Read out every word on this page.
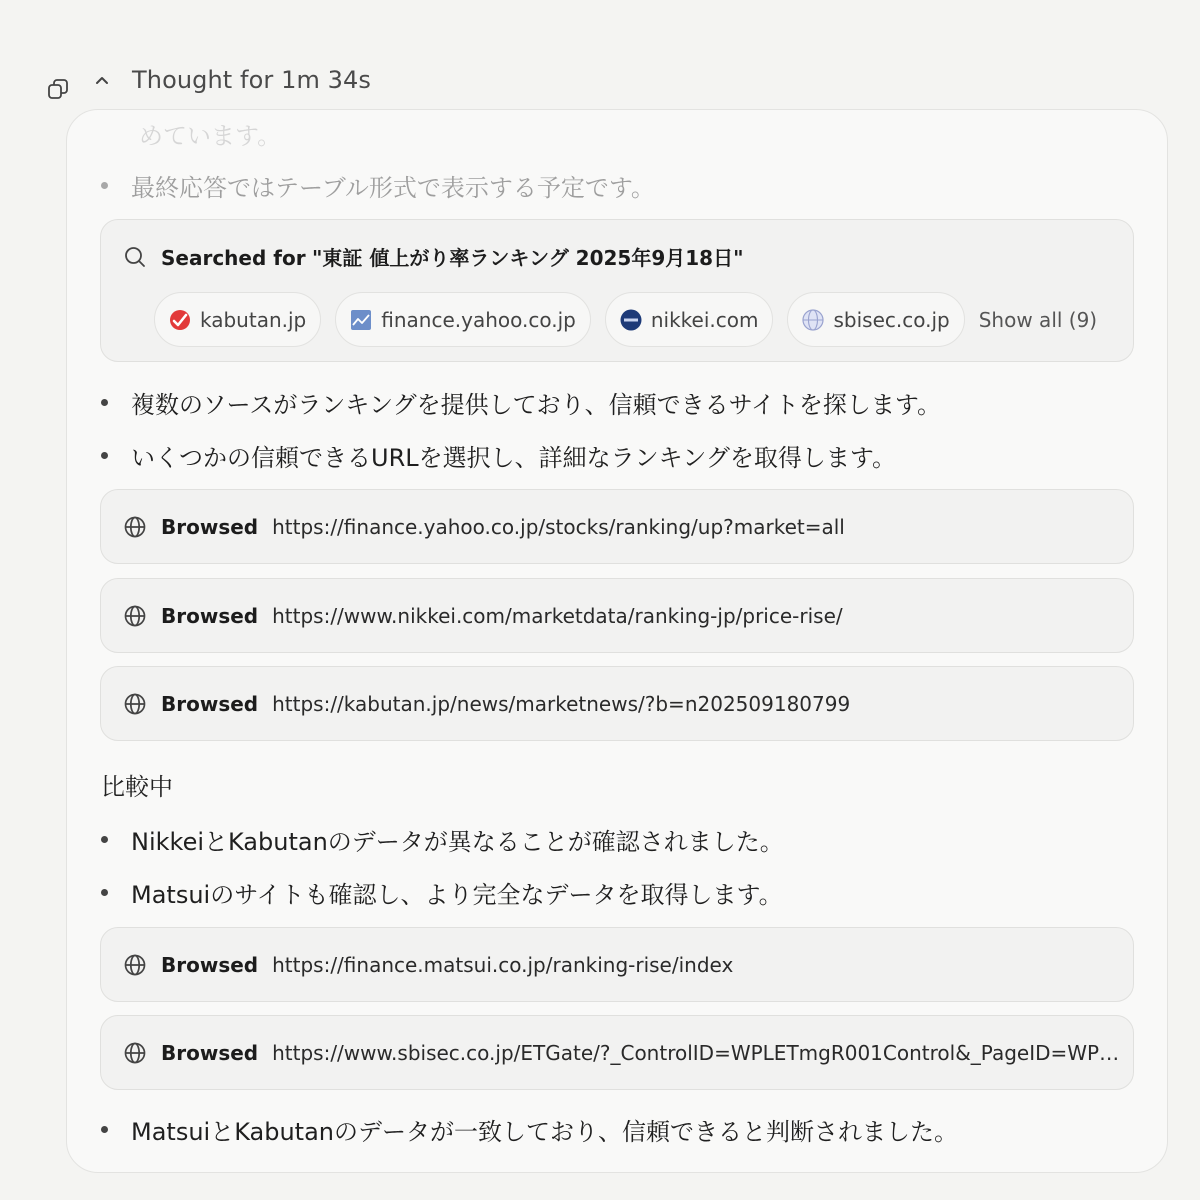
Thought for 1m 34s
めています。
最終応答ではテーブル形式で表示する予定です。
Searched for "東証 値上がり率ランキング 2025年9月18日"
kabutan.jp	finance.yahoo.co.jp	nikkei.com	sbisec.co.jp Show all (9)
複数のソースがランキングを提供しており、信頼できるサイトを探します。
いくつかの信頼できるURLを選択し、詳細なランキングを取得します。
Browsed https://finance.yahoo.co.jp/stocks/ranking/up?market=all
Browsed https://www.nikkei.com/marketdata/ranking-jp/price-rise/
Browsed https://kabutan.jp/news/marketnews/?b=n202509180799
比較中
NikkeiとKabutanのデータが異なることが確認されました。
Matsuiのサイトも確認し、より完全なデータを取得します。
Browsed https://finance.matsui.co.jp/ranking-rise/index
Browsed https://www.sbisec.co.jp/ETGate/?_ControlID=WPLETmgR001Control&_PageID=WP…
MatsuiとKabutanのデータが一致しており、信頼できると判断されました。
